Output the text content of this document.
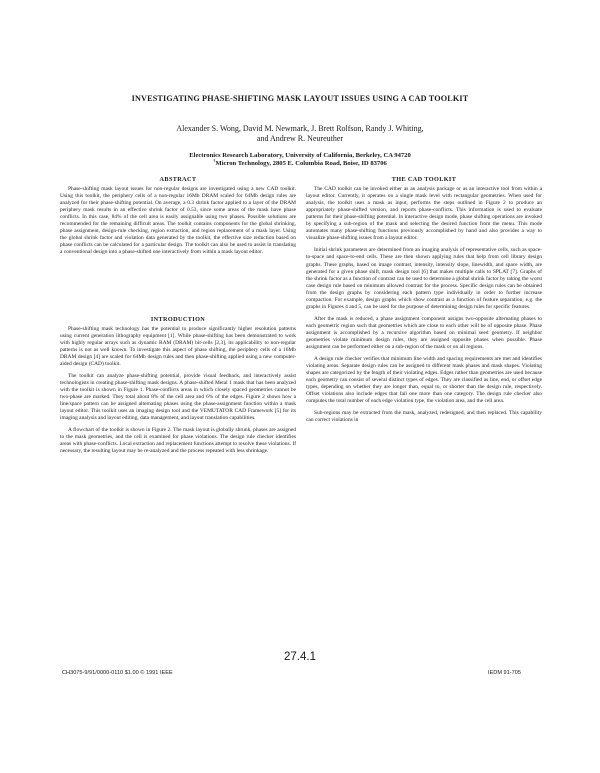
INVESTIGATING PHASE-SHIFTING MASK LAYOUT ISSUES USING A CAD TOOLKIT
Alexander S. Wong, David M. Newmark, J. Brett Rolfson, Randy J. Whiting,
and Andrew R. Neureuther
Electronics Research Laboratory, University of California, Berkeley, CA 94720
†Micron Technology, 2805 E. Columbia Road, Boise, ID 83706
ABSTRACT

Phase-shifting mask layout issues for non-regular designs are investigated using a new CAD toolkit. Using this toolkit, the periphery cells of a non-regular 16Mb DRAM scaled for 64Mb design rules are analyzed for their phase-shifting potential. On average, a 0.3 shrink factor applied to a layer of the DRAM periphery mask results in an effective shrink factor of 0.53, since some areas of the mask have phase conflicts. In this case, 84% of the cell area is easily assignable using two phases. Possible solutions are recommended for the remaining difficult areas. The toolkit contains components for the global shrinking, phase assignment, design-rule checking, region extraction, and region replacement of a mask layer. Using the global shrink factor and violation data generated by the toolkit, the effective size reduction based on phase conflicts can be calculated for a particular design. The toolkit can also be used to assist in translating a conventional design into a phase-shifted one interactively from within a mask layout editor.

INTRODUCTION

Phase-shifting mask technology has the potential to produce significantly higher resolution patterns using current generation lithography equipment [1]. While phase-shifting has been demonstrated to work with highly regular arrays such as dynamic RAM (DRAM) bit-cells [2,3], its applicability to non-regular patterns is not as well known. To investigate this aspect of phase shifting, the periphery cells of a 16Mb DRAM design [4] are scaled for 64Mb design rules and then phase-shifting applied using a new computer-aided design (CAD) toolkit.

The toolkit can analyze phase-shifting potential, provide visual feedback, and interactively assist technologists in creating phase-shifting mask designs. A phase-shifted Metal 1 mask that has been analyzed with the toolkit is shown in Figure 1. Phase-conflicts areas in which closely spaced geometries cannot be two-phase are marked. They total about 8% of the cell area and 6% of the edges. Figure 2 shows how a line/space pattern can be assigned alternating phases using the phase-assignment function within a mask layout editor. This toolkit uses an imaging design tool and the VEMUTATOR CAD Framework [5] for its imaging analysis and layout editing, data management, and layout translation capabilities.

A flowchart of the toolkit is shown in Figure 2. The mask layout is globally shrunk, phases are assigned to the mask geometries, and the cell is examined for phase violations. The design rule checker identifies areas with phase-conflicts. Local extraction and replacement functions attempt to resolve these violations. If necessary, the resulting layout may be re-analyzed and the process repeated with less shrinkage.

THE CAD TOOLKIT

The CAD toolkit can be invoked either as an analysis package or as an interactive tool from within a layout editor. Currently, it operates on a single mask level with rectangular geometries. When used for analysis, the toolkit uses a mask as input, performs the steps outlined in Figure 2 to produce an appropriately phase-shifted version, and reports phase-conflicts. This information is used to evaluate patterns for their phase-shifting potential. In interactive design mode, phase shifting operations are invoked by specifying a sub-region of the mask and selecting the desired function from the menu. This mode automates many phase-shifting functions previously accomplished by hand and also provides a way to visualize phase-shifting issues from a layout editor.

Initial shrink parameters are determined from an imaging analysis of representative cells, such as space-to-space and space-to-end cells. These are then shown applying rules that help from cell library design graphs. These graphs, based on image contrast, intensity, intensity slope, linewidth, and space width, are generated for a given phase shift, mask design tool [6] that makes multiple calls to SPLAT [7]. Graphs of the shrink factor as a function of contrast can be used to determine a global shrink factor by taking the worst case design rule based on minimum allowed contrast for the process. Specific design rules can be obtained from the design graphs by considering each pattern type individually in order to further increase compaction. For example, design graphs which show contrast as a function of feature separation, e.g. the graphs in Figures 4 and 5, can be used for the purpose of determining design rules for specific features.

After the mask is reduced, a phase assignment component assigns two-opposite alternating phases to each geometric region such that geometries which are close to each other will be of opposite phase. Phase assignment is accomplished by a recursive algorithm based on minimal seed geometry. If neighbor geometries violate minimum design rules, they are assigned opposite phases when possible. Phase assignment can be performed either on a sub-region of the mask or on all regions.

A design rule checker verifies that minimum line width and spacing requirements are met and identifies violating areas. Separate design rules can be assigned to different mask phases and mask shapes. Violating shapes are categorized by the length of their violating edges. Edges rather than geometries are used because each geometry can consist of several distinct types of edges. They are classified as line, end, or offset edge types, depending on whether they are longer than, equal to, or shorter than the design rule, respectively. Offset violations also include edges that fail one more than one category. The design rule checker also computes the total number of each edge violation type, the violation area, and the cell area.

Sub-regions may be extracted from the mask, analyzed, redesigned, and then replaced. This capability can correct violations in

27.4.1
CH3075-9/91/0000-0110 $1.00 © 1991 IEEE	IEDM 91-705
